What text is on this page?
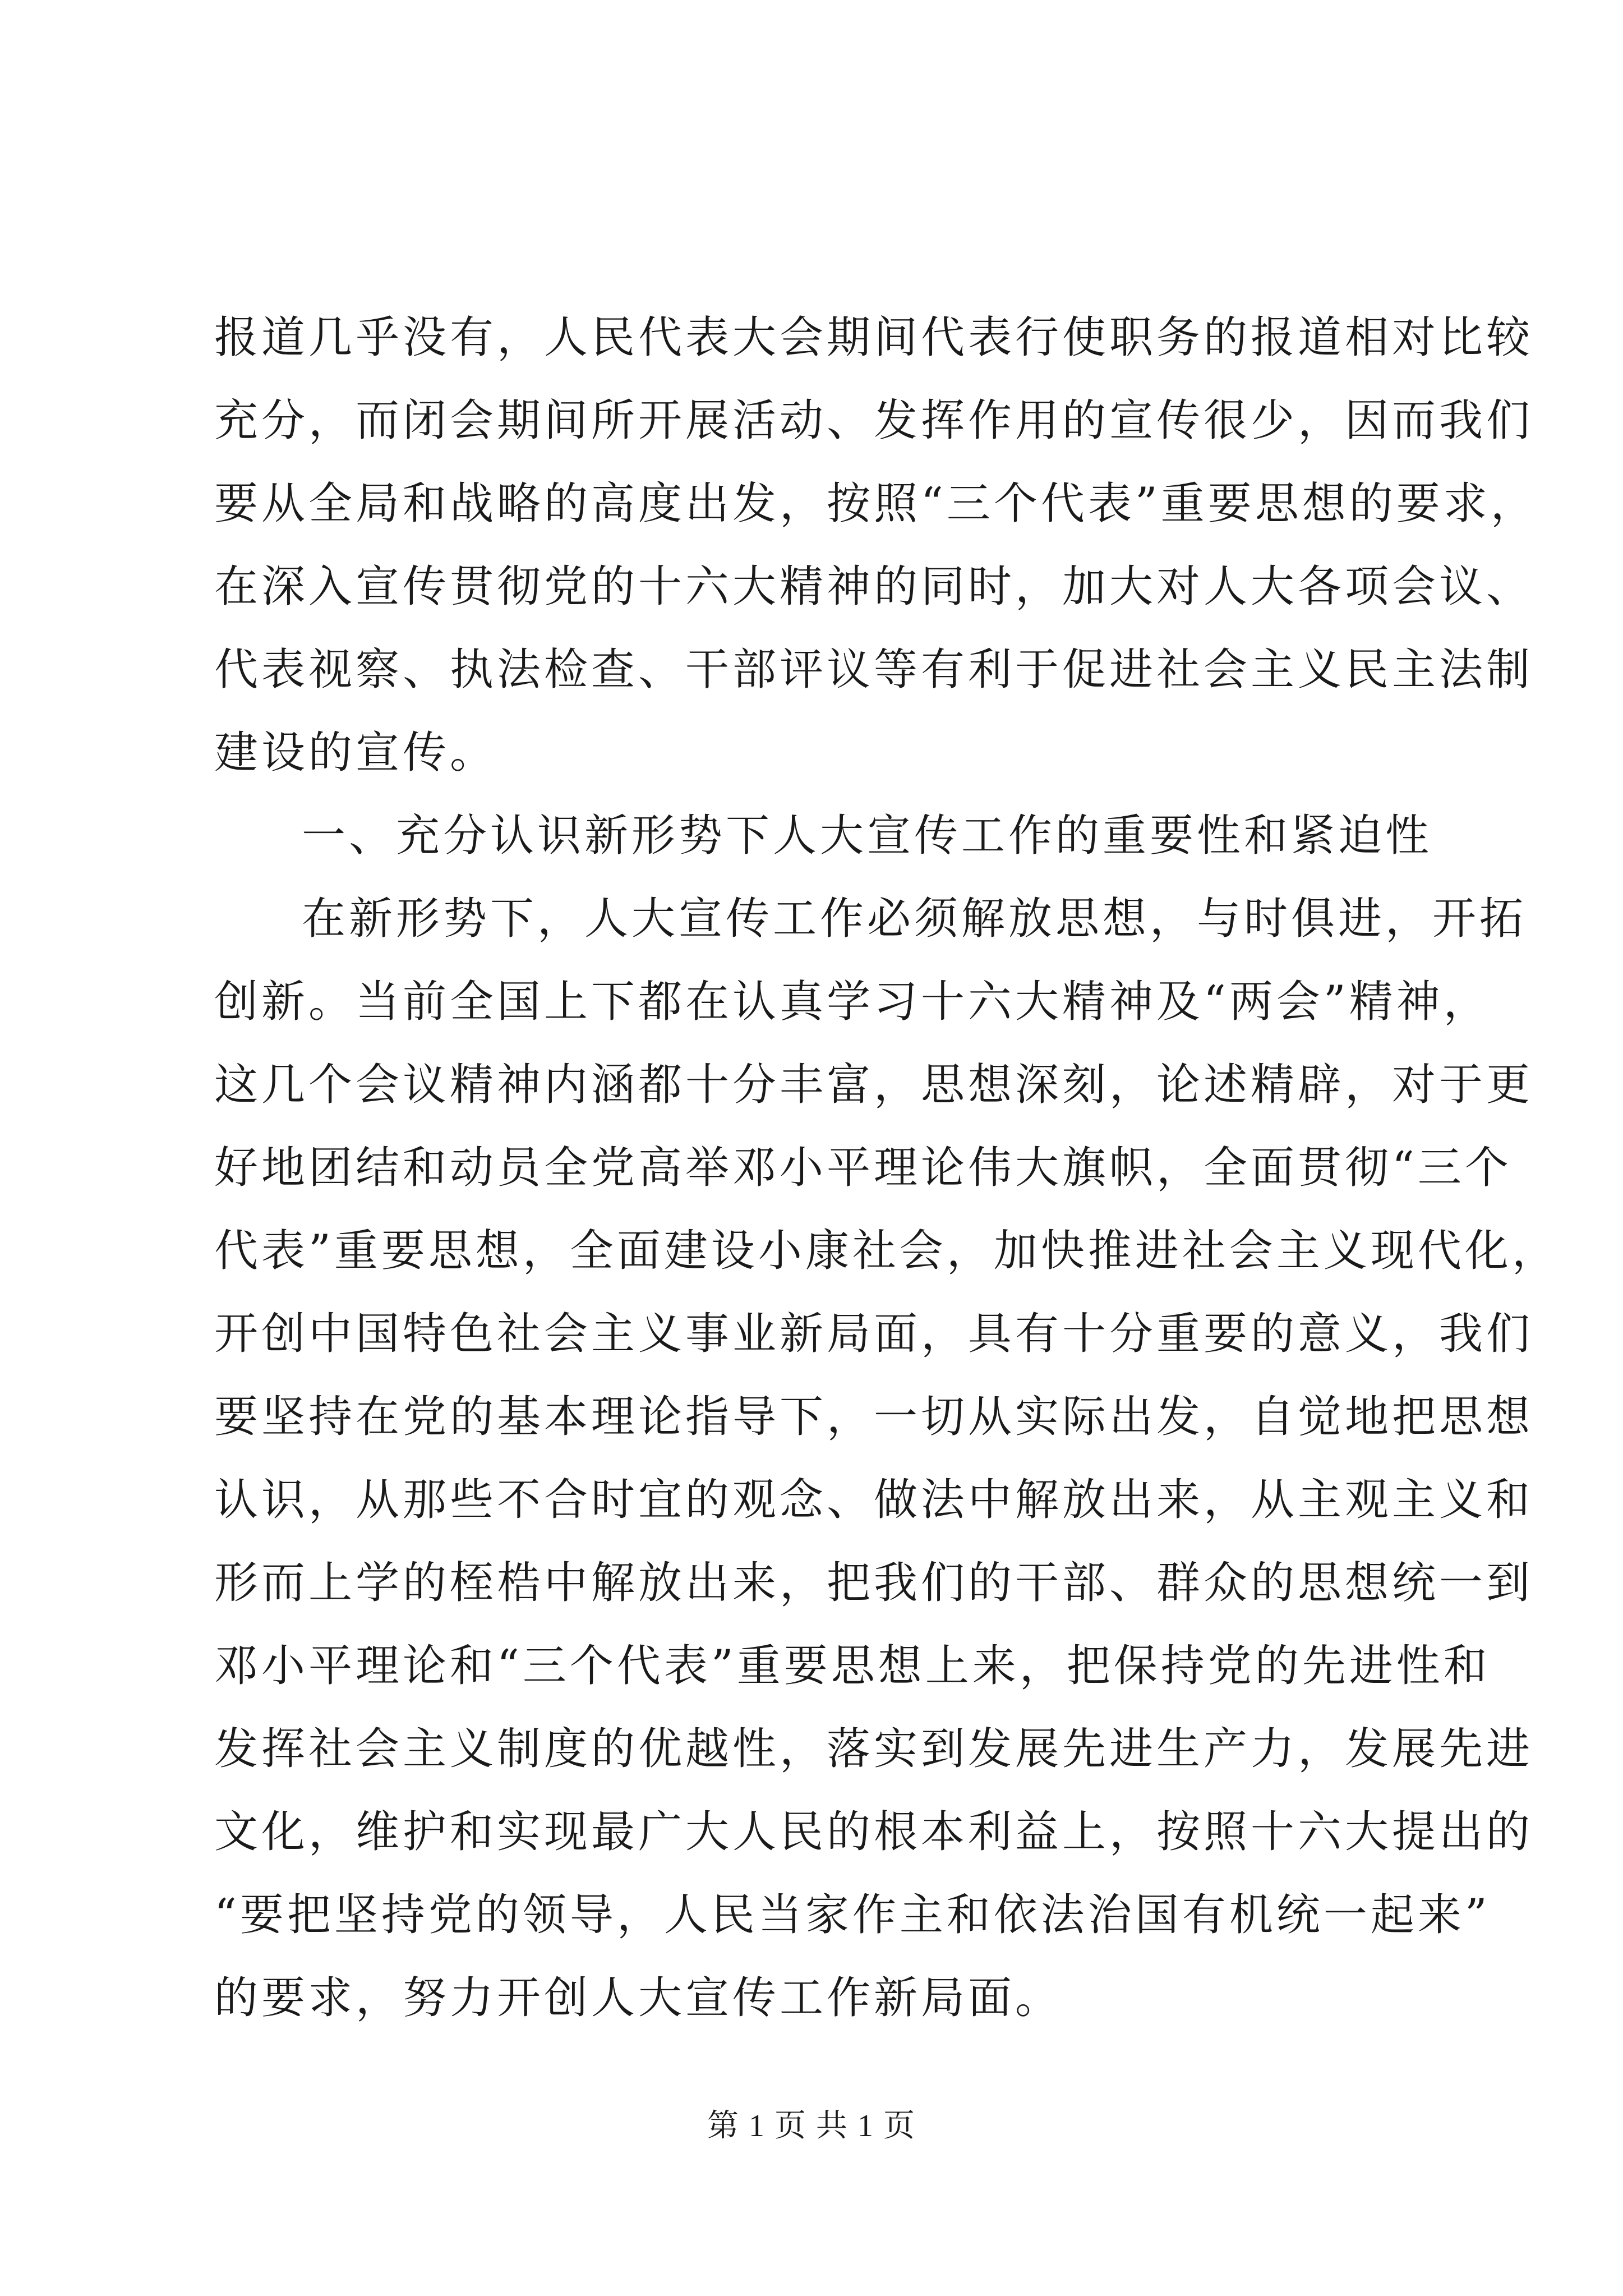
报道几乎没有，人民代表大会期间代表行使职务的报道相对比较
充分，而闭会期间所开展活动、发挥作用的宣传很少，因而我们
要从全局和战略的高度出发，按照“三个代表”重要思想的要求，
在深入宣传贯彻党的十六大精神的同时，加大对人大各项会议、
代表视察、执法检查、干部评议等有利于促进社会主义民主法制
建设的宣传。
一、充分认识新形势下人大宣传工作的重要性和紧迫性
在新形势下，人大宣传工作必须解放思想，与时俱进，开拓
创新。当前全国上下都在认真学习十六大精神及“两会”精神，
这几个会议精神内涵都十分丰富，思想深刻，论述精辟，对于更
好地团结和动员全党高举邓小平理论伟大旗帜，全面贯彻“三个
代表”重要思想，全面建设小康社会，加快推进社会主义现代化，
开创中国特色社会主义事业新局面，具有十分重要的意义，我们
要坚持在党的基本理论指导下，一切从实际出发，自觉地把思想
认识，从那些不合时宜的观念、做法中解放出来，从主观主义和
形而上学的桎梏中解放出来，把我们的干部、群众的思想统一到
邓小平理论和“三个代表”重要思想上来，把保持党的先进性和
发挥社会主义制度的优越性，落实到发展先进生产力，发展先进
文化，维护和实现最广大人民的根本利益上，按照十六大提出的
“要把坚持党的领导，人民当家作主和依法治国有机统一起来”
的要求，努力开创人大宣传工作新局面。
第 1 页 共 1 页
